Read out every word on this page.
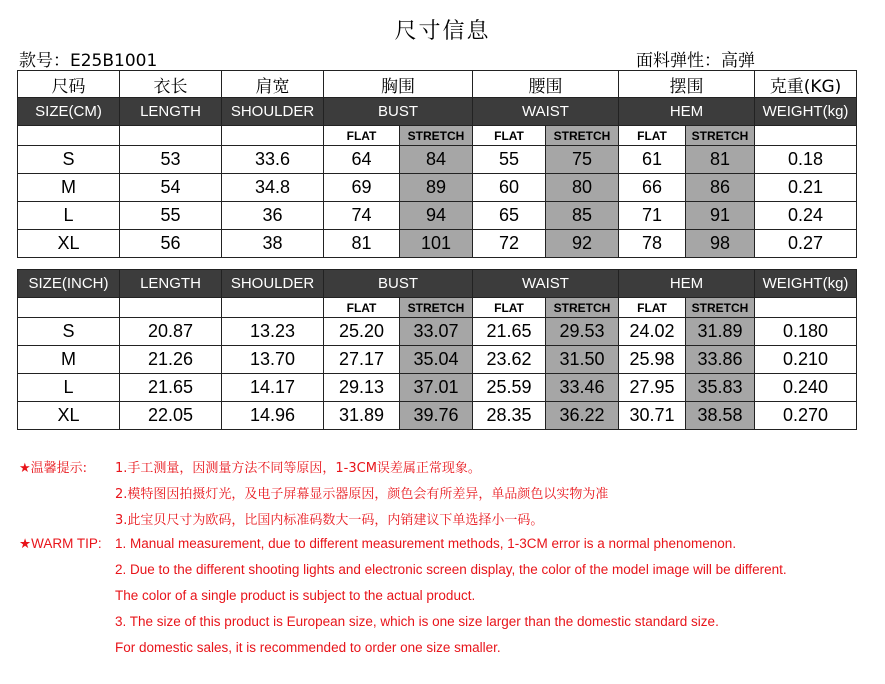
尺寸信息
款号：E25B1001	面料弹性：高弹
尺码	衣长	肩宽	胸围		腰围		摆围		克重(KG)
SIZE(CM)	LENGTH	SHOULDER	BUST		WAIST		HEM		WEIGHT(kg)
			FLAT	STRETCH	FLAT	STRETCH	FLAT	STRETCH	
S	53	33.6	64	84	55	75	61	81	0.18
M	54	34.8	69	89	60	80	66	86	0.21
L	55	36	74	94	65	85	71	91	0.24
XL	56	38	81	101	72	92	78	98	0.27
SIZE(INCH)	LENGTH	SHOULDER	BUST		WAIST		HEM		WEIGHT(kg)
			FLAT	STRETCH	FLAT	STRETCH	FLAT	STRETCH	
S	20.87	13.23	25.20	33.07	21.65	29.53	24.02	31.89	0.180
M	21.26	13.70	27.17	35.04	23.62	31.50	25.98	33.86	0.210
L	21.65	14.17	29.13	37.01	25.59	33.46	27.95	35.83	0.240
XL	22.05	14.96	31.89	39.76	28.35	36.22	30.71	38.58	0.270
★温馨提示: 1.手工测量，因测量方法不同等原因，1-3CM误差属正常现象。
2.模特图因拍摄灯光，及电子屏幕显示器原因，颜色会有所差异，单品颜色以实物为准
3.此宝贝尺寸为欧码，比国内标准码数大一码，内销建议下单选择小一码。
★WARM TIP: 1. Manual measurement, due to different measurement methods, 1-3CM error is a normal phenomenon.
2. Due to the different shooting lights and electronic screen display, the color of the model image will be different.
The color of a single product is subject to the actual product.
3. The size of this product is European size, which is one size larger than the domestic standard size.
For domestic sales, it is recommended to order one size smaller.
